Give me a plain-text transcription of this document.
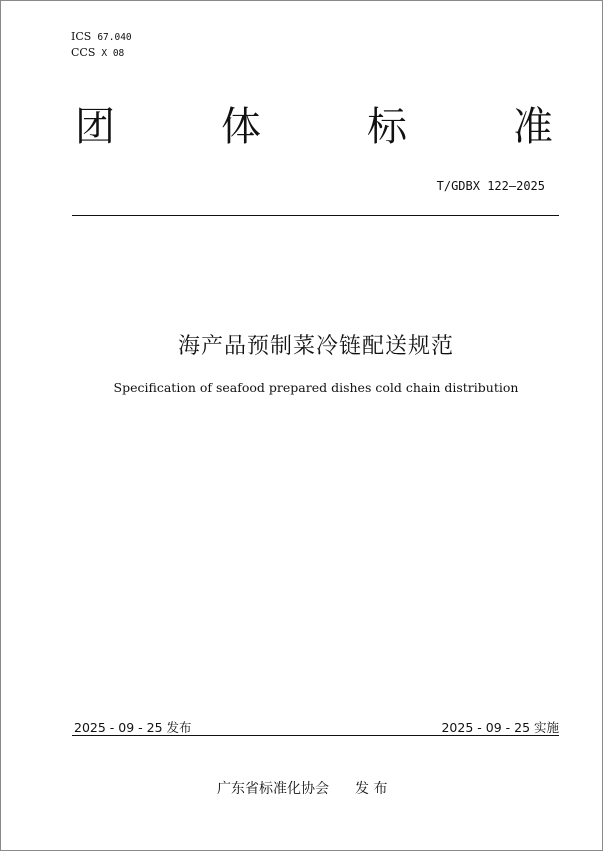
ICS 67.040
CCS X 08
团	体	标	准
T/GDBX 122—2025
海产品预制菜冷链配送规范
Specification of seafood prepared dishes cold chain distribution
2025 - 09 - 25 发布	2025 - 09 - 25 实施
广东省标准化协会 发 布
